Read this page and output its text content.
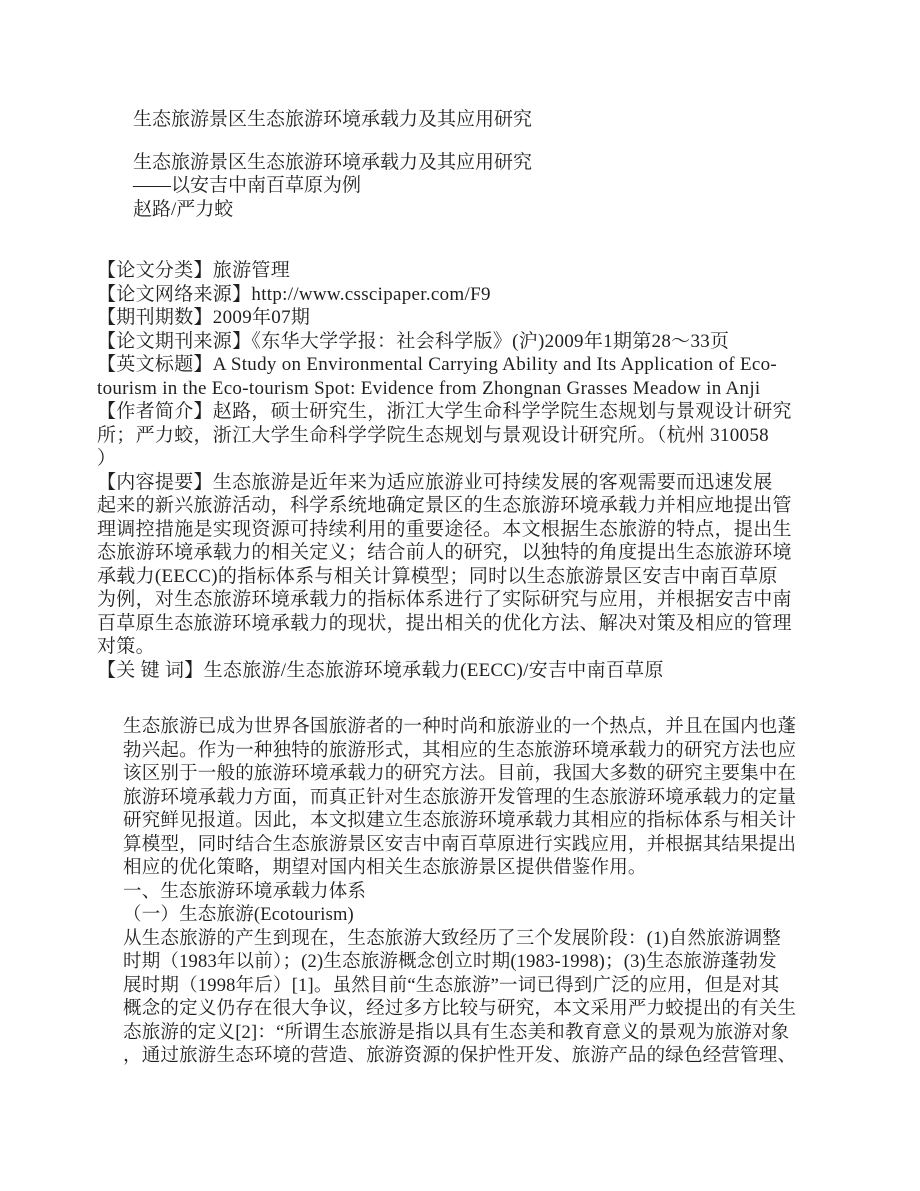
生态旅游景区生态旅游环境承载力及其应用研究
生态旅游景区生态旅游环境承载力及其应用研究
——以安吉中南百草原为例
赵路/严力蛟
【论文分类】旅游管理
【论文网络来源】http://www.csscipaper.com/F9
【期刊期数】2009年07期
【论文期刊来源】《东华大学学报：社会科学版》(沪)2009年1期第28～33页
【英文标题】A Study on Environmental Carrying Ability and Its Application of Eco-
tourism in the Eco-tourism Spot: Evidence from Zhongnan Grasses Meadow in Anji
【作者简介】赵路，硕士研究生，浙江大学生命科学学院生态规划与景观设计研究
所；严力蛟，浙江大学生命科学学院生态规划与景观设计研究所。（杭州 310058
）
【内容提要】生态旅游是近年来为适应旅游业可持续发展的客观需要而迅速发展
起来的新兴旅游活动，科学系统地确定景区的生态旅游环境承载力并相应地提出管
理调控措施是实现资源可持续利用的重要途径。本文根据生态旅游的特点，提出生
态旅游环境承载力的相关定义；结合前人的研究，以独特的角度提出生态旅游环境
承载力(EECC)的指标体系与相关计算模型；同时以生态旅游景区安吉中南百草原
为例，对生态旅游环境承载力的指标体系进行了实际研究与应用，并根据安吉中南
百草原生态旅游环境承载力的现状，提出相关的优化方法、解决对策及相应的管理
对策。
【关 键 词】生态旅游/生态旅游环境承载力(EECC)/安吉中南百草原
生态旅游已成为世界各国旅游者的一种时尚和旅游业的一个热点，并且在国内也蓬
勃兴起。作为一种独特的旅游形式，其相应的生态旅游环境承载力的研究方法也应
该区别于一般的旅游环境承载力的研究方法。目前，我国大多数的研究主要集中在
旅游环境承载力方面，而真正针对生态旅游开发管理的生态旅游环境承载力的定量
研究鲜见报道。因此，本文拟建立生态旅游环境承载力其相应的指标体系与相关计
算模型，同时结合生态旅游景区安吉中南百草原进行实践应用，并根据其结果提出
相应的优化策略，期望对国内相关生态旅游景区提供借鉴作用。
一、生态旅游环境承载力体系
（一）生态旅游(Ecotourism)
从生态旅游的产生到现在，生态旅游大致经历了三个发展阶段：(1)自然旅游调整
时期（1983年以前）；(2)生态旅游概念创立时期(1983-1998)；(3)生态旅游蓬勃发
展时期（1998年后）[1]。虽然目前“生态旅游”一词已得到广泛的应用，但是对其
概念的定义仍存在很大争议，经过多方比较与研究，本文采用严力蛟提出的有关生
态旅游的定义[2]：“所谓生态旅游是指以具有生态美和教育意义的景观为旅游对象
，通过旅游生态环境的营造、旅游资源的保护性开发、旅游产品的绿色经营管理、
